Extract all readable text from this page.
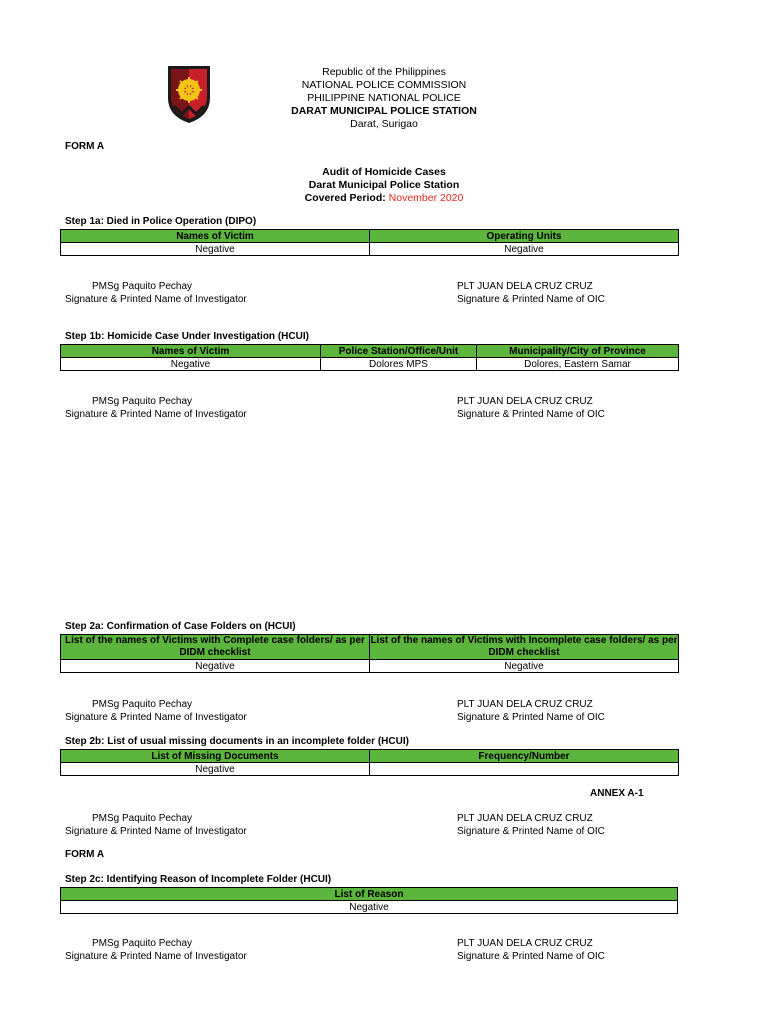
Republic of the Philippines
NATIONAL POLICE COMMISSION
PHILIPPINE NATIONAL POLICE
DARAT MUNICIPAL POLICE STATION
Darat, Surigao
FORM A
Audit of Homicide Cases
Darat Municipal Police Station
Covered Period: November 2020
Step 1a: Died in Police Operation (DIPO)
Names of Victim	Operating Units
Negative	Negative
PMSg Paquito Pechay
Signature & Printed Name of Investigator
PLT JUAN DELA CRUZ CRUZ
Signature & Printed Name of OIC
Step 1b: Homicide Case Under Investigation (HCUI)
Names of Victim	Police Station/Office/Unit	Municipality/City of Province
Negative	Dolores MPS	Dolores, Eastern Samar
PMSg Paquito Pechay
Signature & Printed Name of Investigator
PLT JUAN DELA CRUZ CRUZ
Signature & Printed Name of OIC
Step 2a: Confirmation of Case Folders on (HCUI)
List of the names of Victims with Complete case folders/ as per DIDM checklist	List of the names of Victims with Incomplete case folders/ as per DIDM checklist
Negative	Negative
PMSg Paquito Pechay
Signature & Printed Name of Investigator
PLT JUAN DELA CRUZ CRUZ
Signature & Printed Name of OIC
Step 2b: List of usual missing documents in an incomplete folder (HCUI)
List of Missing Documents	Frequency/Number
Negative	
ANNEX A-1
PMSg Paquito Pechay
Signature & Printed Name of Investigator
PLT JUAN DELA CRUZ CRUZ
Signature & Printed Name of OIC
FORM A
Step 2c: Identifying Reason of Incomplete Folder (HCUI)
List of Reason
Negative
PMSg Paquito Pechay
Signature & Printed Name of Investigator
PLT JUAN DELA CRUZ CRUZ
Signature & Printed Name of OIC
